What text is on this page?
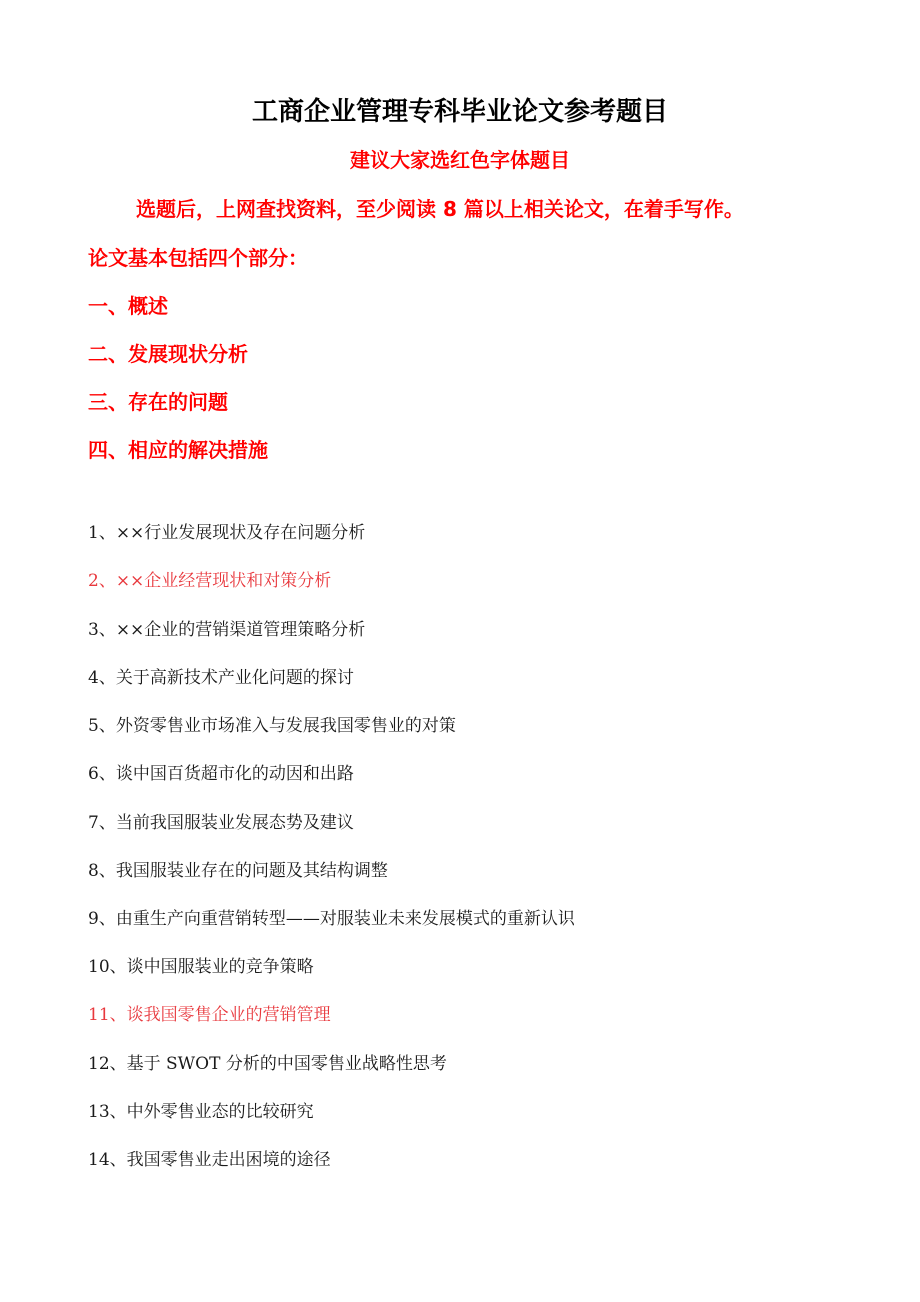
工商企业管理专科毕业论文参考题目
建议大家选红色字体题目
选题后，上网查找资料，至少阅读 8 篇以上相关论文，在着手写作。
论文基本包括四个部分：
一、概述
二、发展现状分析
三、存在的问题
四、相应的解决措施
1、××行业发展现状及存在问题分析
2、××企业经营现状和对策分析
3、××企业的营销渠道管理策略分析
4、关于高新技术产业化问题的探讨
5、外资零售业市场准入与发展我国零售业的对策
6、谈中国百货超市化的动因和出路
7、当前我国服装业发展态势及建议
8、我国服装业存在的问题及其结构调整
9、由重生产向重营销转型——对服装业未来发展模式的重新认识
10、谈中国服装业的竞争策略
11、谈我国零售企业的营销管理
12、基于 SWOT 分析的中国零售业战略性思考
13、中外零售业态的比较研究
14、我国零售业走出困境的途径
